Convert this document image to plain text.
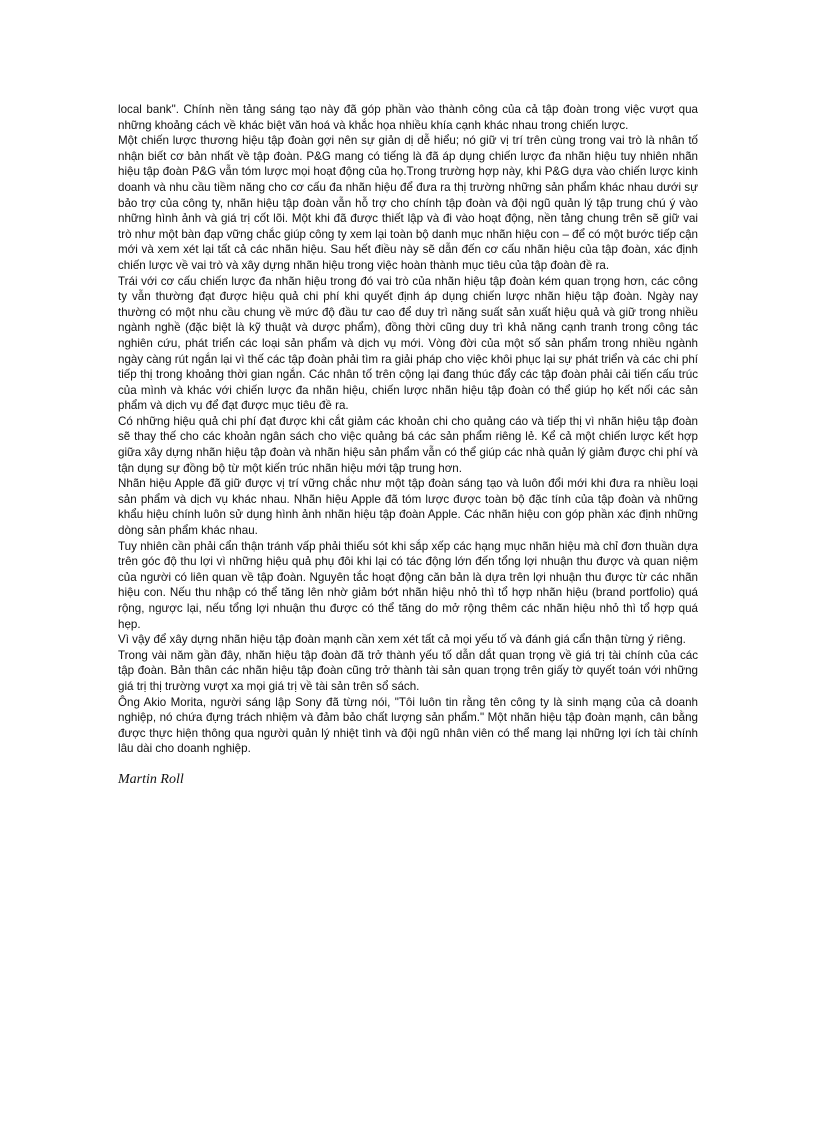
local bank". Chính nền tảng sáng tạo này đã góp phần vào thành công của cả tập đoàn trong việc vượt qua những khoảng cách về khác biệt văn hoá và khắc họa nhiều khía cạnh khác nhau trong chiến lược.

Một chiến lược thương hiệu tập đoàn gợi nên sự giản dị dễ hiểu; nó giữ vị trí trên cùng trong vai trò là nhân tố nhận biết cơ bản nhất về tập đoàn. P&G mang có tiếng là đã áp dụng chiến lược đa nhãn hiệu tuy nhiên nhãn hiệu tập đoàn P&G vẫn tóm lược mọi hoạt động của họ.Trong trường hợp này, khi P&G dựa vào chiến lược kinh doanh và nhu cầu tiềm năng cho cơ cấu đa nhãn hiệu để đưa ra thị trường những sản phẩm khác nhau dưới sự bảo trợ của công ty, nhãn hiệu tập đoàn vẫn hỗ trợ cho chính tập đoàn và đội ngũ quản lý tập trung chú ý vào những hình ảnh và giá trị cốt lõi. Một khi đã được thiết lập và đi vào hoạt động, nền tảng chung trên sẽ giữ vai trò như một bàn đạp vững chắc giúp công ty xem lại toàn bộ danh mục nhãn hiệu con – để có một bước tiếp cận mới và xem xét lại tất cả các nhãn hiệu. Sau hết điều này sẽ dẫn đến cơ cấu nhãn hiệu của tập đoàn, xác định chiến lược về vai trò và xây dựng nhãn hiệu trong việc hoàn thành mục tiêu của tập đoàn đề ra.

Trái với cơ cấu chiến lược đa nhãn hiệu trong đó vai trò của nhãn hiệu tập đoàn kém quan trọng hơn, các công ty vẫn thường đạt được hiệu quả chi phí khi quyết định áp dụng chiến lược nhãn hiệu tập đoàn. Ngày nay thường có một nhu cầu chung về mức độ đầu tư cao để duy trì năng suất sản xuất hiệu quả và giữ trong nhiều ngành nghề (đặc biệt là kỹ thuật và dược phẩm), đồng thời cũng duy trì khả năng cạnh tranh trong công tác nghiên cứu, phát triển các loại sản phẩm và dịch vụ mới. Vòng đời của một số sản phẩm trong nhiều ngành ngày càng rút ngắn lại vì thế các tập đoàn phải tìm ra giải pháp cho việc khôi phục lại sự phát triển và các chi phí tiếp thị trong khoảng thời gian ngắn. Các nhân tố trên cộng lại đang thúc đẩy các tập đoàn phải cải tiến cấu trúc của mình và khác với chiến lược đa nhãn hiệu, chiến lược nhãn hiệu tập đoàn có thể giúp họ kết nối các sản phẩm và dịch vụ để đạt được mục tiêu đề ra.

Có những hiệu quả chi phí đạt được khi cắt giảm các khoản chi cho quảng cáo và tiếp thị vì nhãn hiệu tập đoàn sẽ thay thế cho các khoản ngân sách cho việc quảng bá các sản phẩm riêng lẻ. Kể cả một chiến lược kết hợp giữa xây dựng nhãn hiệu tập đoàn và nhãn hiệu sản phẩm vẫn có thể giúp các nhà quản lý giảm được chi phí và tận dụng sự đồng bộ từ một kiến trúc nhãn hiệu mới tập trung hơn.

Nhãn hiệu Apple đã giữ được vị trí vững chắc như một tập đoàn sáng tạo và luôn đổi mới khi đưa ra nhiều loại sản phẩm và dịch vụ khác nhau. Nhãn hiệu Apple đã tóm lược được toàn bộ đặc tính của tập đoàn và những khẩu hiệu chính luôn sử dụng hình ảnh nhãn hiệu tập đoàn Apple. Các nhãn hiệu con góp phần xác định những dòng sản phẩm khác nhau.

Tuy nhiên cần phải cẩn thận tránh vấp phải thiếu sót khi sắp xếp các hạng mục nhãn hiệu mà chỉ đơn thuần dựa trên góc độ thu lợi vì những hiệu quả phụ đôi khi lại có tác động lớn đến tổng lợi nhuận thu được và quan niệm của người có liên quan về tập đoàn. Nguyên tắc hoạt động căn bản là dựa trên lợi nhuận thu được từ các nhãn hiệu con. Nếu thu nhập có thể tăng lên nhờ giảm bớt nhãn hiệu nhỏ thì tổ hợp nhãn hiệu (brand portfolio) quá rộng, ngược lại, nếu tổng lợi nhuận thu được có thể tăng do mở rộng thêm các nhãn hiệu nhỏ thì tổ hợp quá hẹp.

Vì vậy để xây dựng nhãn hiệu tập đoàn mạnh cần xem xét tất cả mọi yếu tố và đánh giá cẩn thận từng ý riêng.

Trong vài năm gần đây, nhãn hiệu tập đoàn đã trở thành yếu tố dẫn dắt quan trọng về giá trị tài chính của các tập đoàn. Bản thân các nhãn hiệu tập đoàn cũng trở thành tài sản quan trọng trên giấy tờ quyết toán với những giá trị thị trường vượt xa mọi giá trị về tài sản trên sổ sách.

Ông Akio Morita, người sáng lập Sony đã từng nói, "Tôi luôn tin rằng tên công ty là sinh mạng của cả doanh nghiệp, nó chứa đựng trách nhiệm và đảm bảo chất lượng sản phẩm." Một nhãn hiệu tập đoàn mạnh, cân bằng được thực hiện thông qua người quản lý nhiệt tình và đội ngũ nhân viên có thể mang lại những lợi ích tài chính lâu dài cho doanh nghiệp.

Martin Roll
